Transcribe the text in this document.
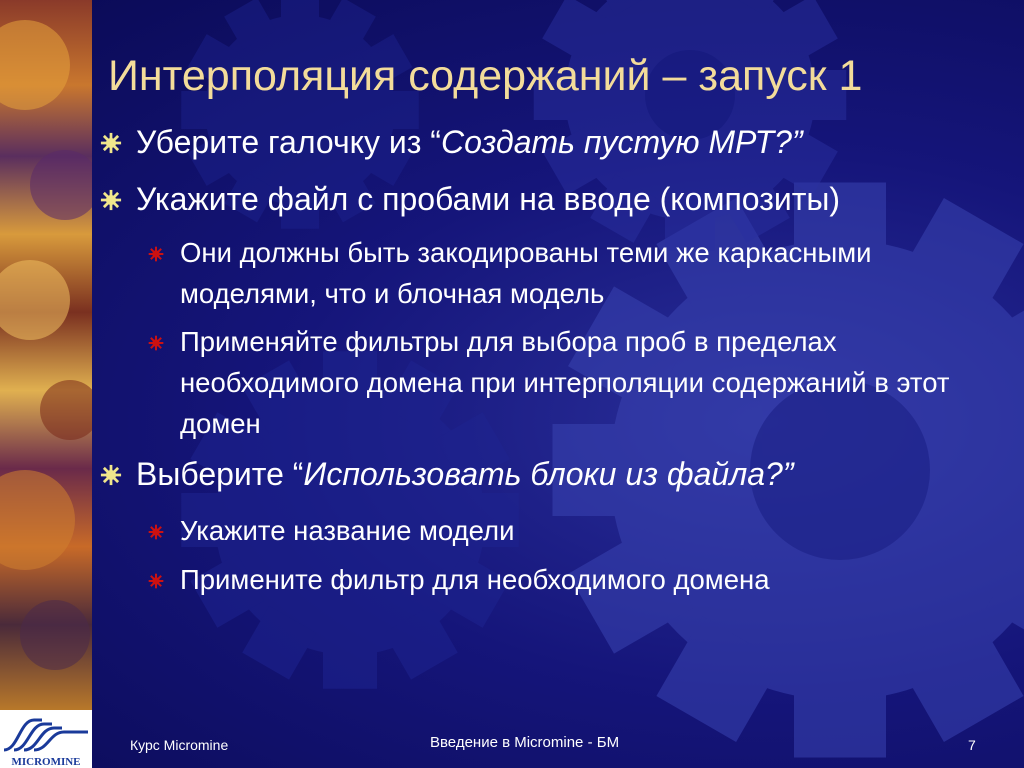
MICROMINE
Интерполяция содержаний – запуск 1
Уберите галочку из “Создать пустую МРТ?”
Укажите файл с пробами на вводе (композиты)
Они должны быть закодированы теми же каркасными моделями, что и блочная модель
Применяйте фильтры для выбора проб в пределах необходимого домена при интерполяции содержаний в этот домен
Выберите “Использовать блоки из файла?”
Укажите название модели
Примените фильтр для необходимого домена
Курс Micromine	Введение в Micromine - БМ	7
